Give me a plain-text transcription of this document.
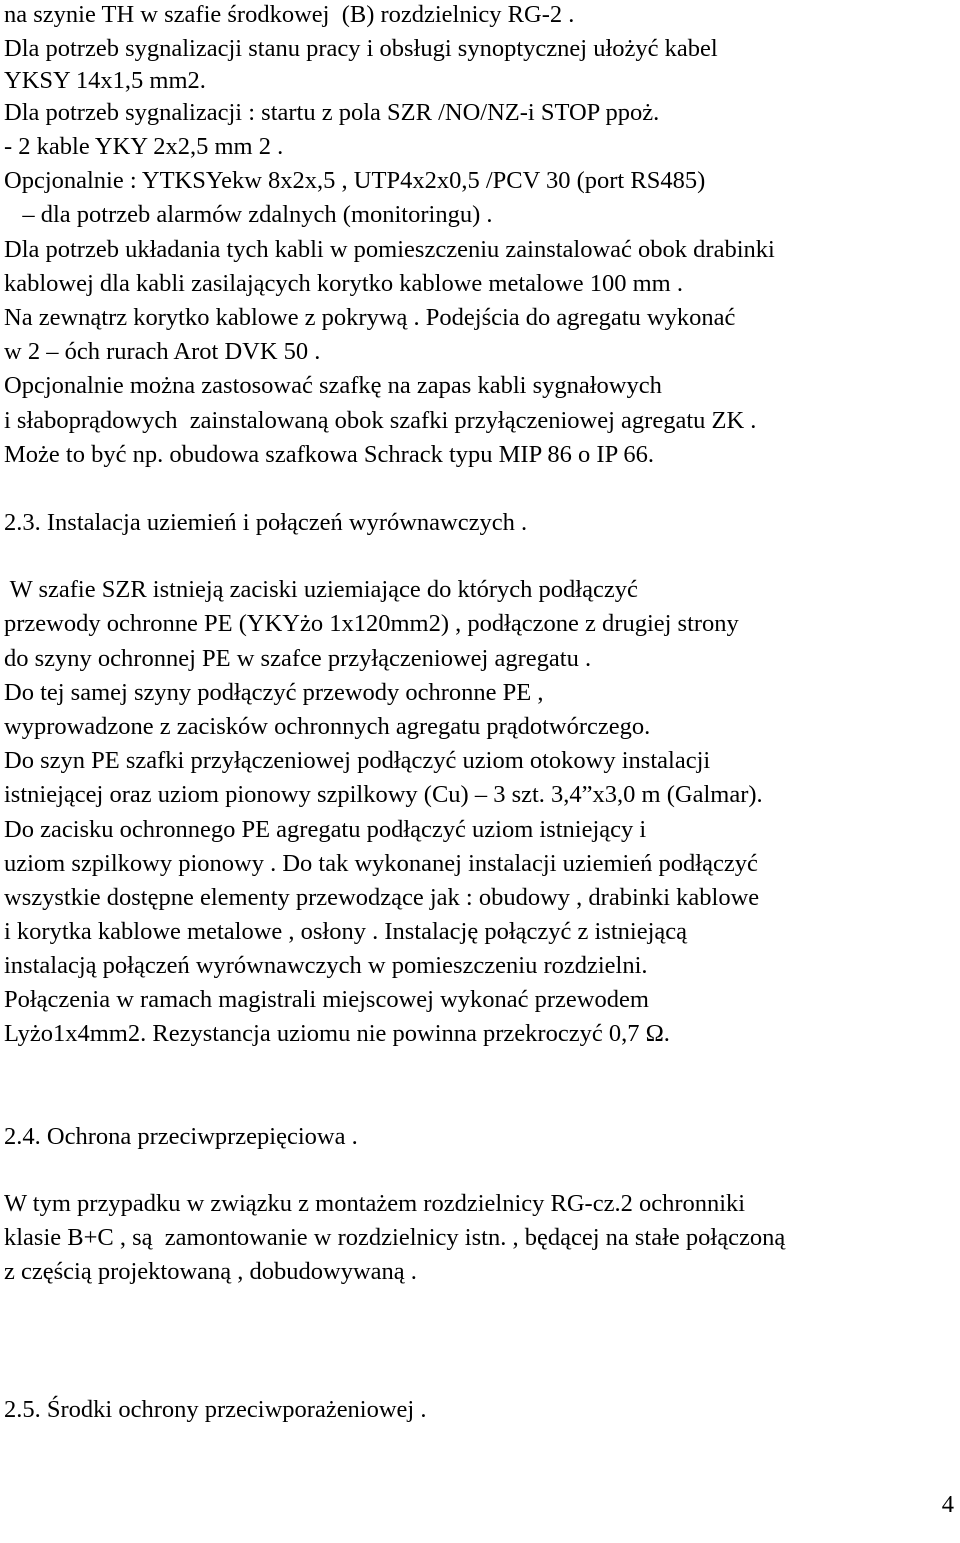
na szynie TH w szafie środkowej  (B) rozdzielnicy RG-2 .
Dla potrzeb sygnalizacji stanu pracy i obsługi synoptycznej ułożyć kabel
YKSY 14x1,5 mm2.
Dla potrzeb sygnalizacji : startu z pola SZR /NO/NZ-i STOP ppoż.
- 2 kable YKY 2x2,5 mm 2 .
Opcjonalnie : YTKSYekw 8x2x,5 , UTP4x2x0,5 /PCV 30 (port RS485)
– dla potrzeb alarmów zdalnych (monitoringu) .
Dla potrzeb układania tych kabli w pomieszczeniu zainstalować obok drabinki
kablowej dla kabli zasilających korytko kablowe metalowe 100 mm .
Na zewnątrz korytko kablowe z pokrywą . Podejścia do agregatu wykonać
w 2 – óch rurach Arot DVK 50 .
Opcjonalnie można zastosować szafkę na zapas kabli sygnałowych
i słaboprądowych  zainstalowaną obok szafki przyłączeniowej agregatu ZK .
Może to być np. obudowa szafkowa Schrack typu MIP 86 o IP 66.
2.3. Instalacja uziemień i połączeń wyrównawczych .
W szafie SZR istnieją zaciski uziemiające do których podłączyć
przewody ochronne PE (YKYżo 1x120mm2) , podłączone z drugiej strony
do szyny ochronnej PE w szafce przyłączeniowej agregatu .
Do tej samej szyny podłączyć przewody ochronne PE ,
wyprowadzone z zacisków ochronnych agregatu prądotwórczego.
Do szyn PE szafki przyłączeniowej podłączyć uziom otokowy instalacji
istniejącej oraz uziom pionowy szpilkowy (Cu) – 3 szt. 3,4”x3,0 m (Galmar).
Do zacisku ochronnego PE agregatu podłączyć uziom istniejący i
uziom szpilkowy pionowy . Do tak wykonanej instalacji uziemień podłączyć
wszystkie dostępne elementy przewodzące jak : obudowy , drabinki kablowe
i korytka kablowe metalowe , osłony . Instalację połączyć z istniejącą
instalacją połączeń wyrównawczych w pomieszczeniu rozdzielni.
Połączenia w ramach magistrali miejscowej wykonać przewodem
Lyżo1x4mm2. Rezystancja uziomu nie powinna przekroczyć 0,7 Ω.
2.4. Ochrona przeciwprzepięciowa .
W tym przypadku w związku z montażem rozdzielnicy RG-cz.2 ochronniki
klasie B+C , są  zamontowanie w rozdzielnicy istn. , będącej na stałe połączoną
z częścią projektowaną , dobudowywaną .
2.5. Środki ochrony przeciwporażeniowej .
4
